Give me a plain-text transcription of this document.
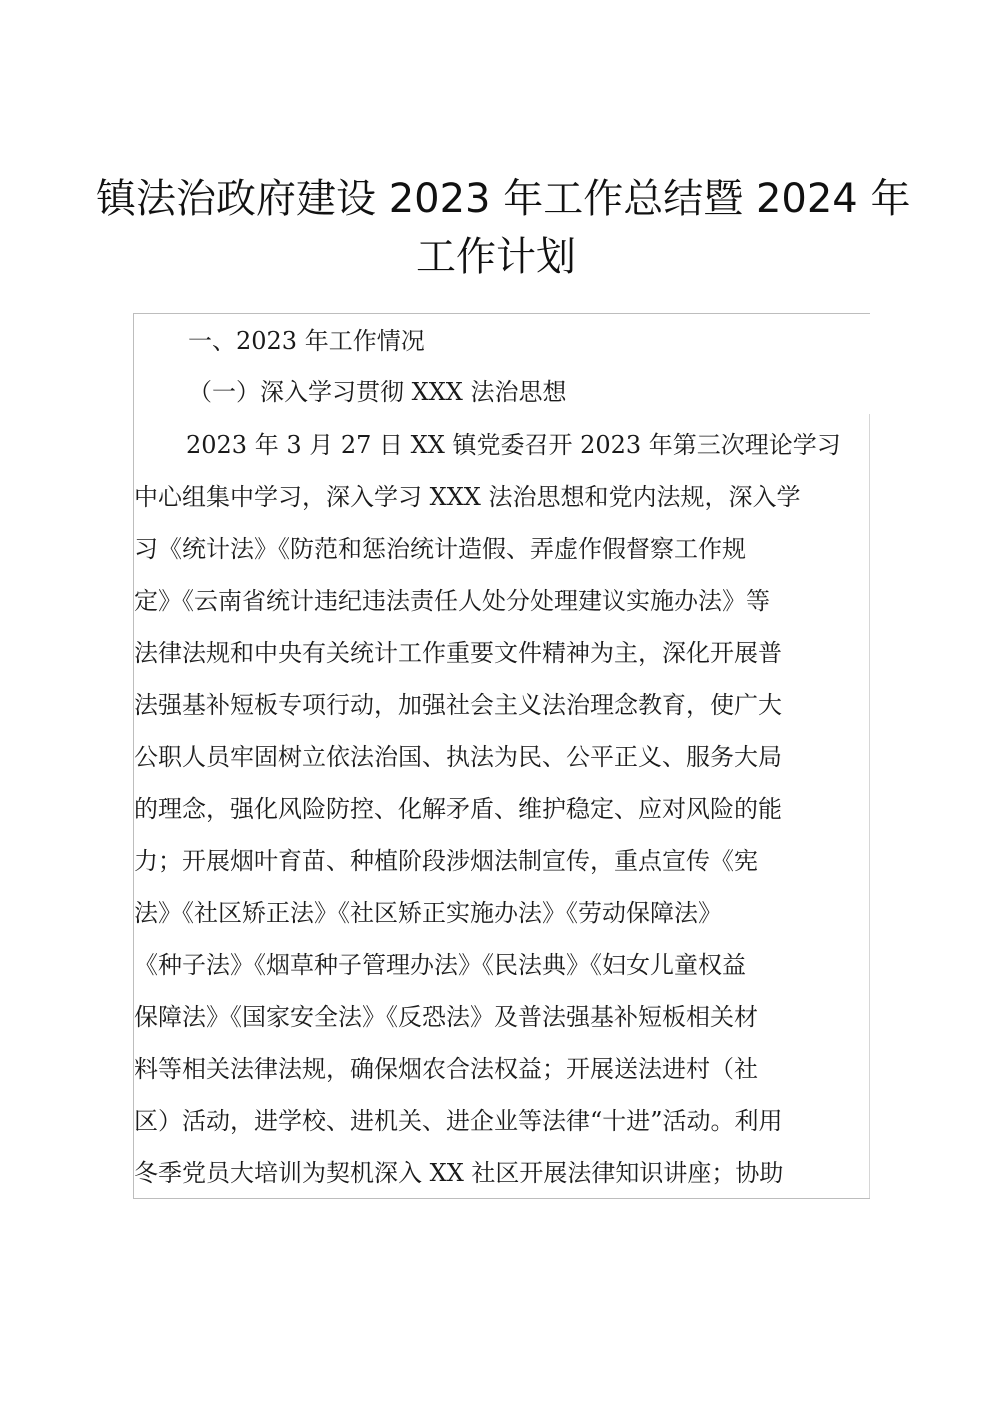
镇法治政府建设 2023 年工作总结暨 2024 年
工作计划
一、2023 年工作情况
（一）深入学习贯彻 XXX 法治思想
2023 年 3 月 27 日 XX 镇党委召开 2023 年第三次理论学习
中心组集中学习，深入学习 XXX 法治思想和党内法规，深入学
习《统计法》《防范和惩治统计造假、弄虚作假督察工作规
定》《云南省统计违纪违法责任人处分处理建议实施办法》等
法律法规和中央有关统计工作重要文件精神为主，深化开展普
法强基补短板专项行动，加强社会主义法治理念教育，使广大
公职人员牢固树立依法治国、执法为民、公平正义、服务大局
的理念，强化风险防控、化解矛盾、维护稳定、应对风险的能
力；开展烟叶育苗、种植阶段涉烟法制宣传，重点宣传《宪
法》《社区矫正法》《社区矫正实施办法》《劳动保障法》
《种子法》《烟草种子管理办法》《民法典》《妇女儿童权益
保障法》《国家安全法》《反恐法》及普法强基补短板相关材
料等相关法律法规，确保烟农合法权益；开展送法进村（社
区）活动，进学校、进机关、进企业等法律“十进”活动。利用
冬季党员大培训为契机深入 XX 社区开展法律知识讲座；协助
